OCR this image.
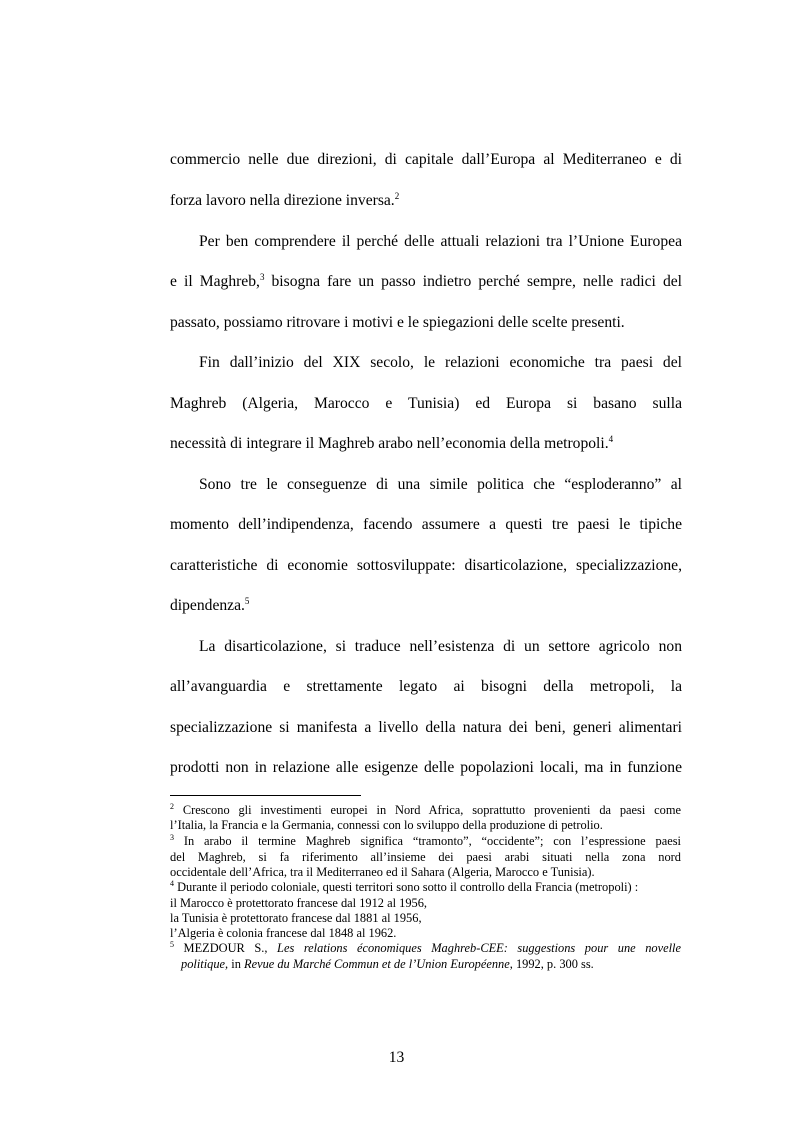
commercio nelle due direzioni, di capitale dall’Europa al Mediterraneo e di
forza lavoro nella direzione inversa.$^2$
Per ben comprendere il perché delle attuali relazioni tra l’Unione Europea
e il Maghreb,$^3$ bisogna fare un passo indietro perché sempre, nelle radici del
passato, possiamo ritrovare i motivi e le spiegazioni delle scelte presenti.
Fin dall’inizio del XIX secolo, le relazioni economiche tra paesi del
Maghreb (Algeria, Marocco e Tunisia) ed Europa si basano sulla
necessità di integrare il Maghreb arabo nell’economia della metropoli.$^4$
Sono tre le conseguenze di una simile politica che “esploderanno” al
momento dell’indipendenza, facendo assumere a questi tre paesi le tipiche
caratteristiche di economie sottosviluppate: disarticolazione, specializzazione,
dipendenza.$^5$
La disarticolazione, si traduce nell’esistenza di un settore agricolo non
all’avanguardia e strettamente legato ai bisogni della metropoli, la
specializzazione si manifesta a livello della natura dei beni, generi alimentari
prodotti non in relazione alle esigenze delle popolazioni locali, ma in funzione
$^2$ Crescono gli investimenti europei in Nord Africa, soprattutto provenienti da paesi come
l’Italia, la Francia e la Germania, connessi con lo sviluppo della produzione di petrolio.
$^3$ In arabo il termine Maghreb significa “tramonto”, “occidente”; con l’espressione paesi
del Maghreb, si fa riferimento all’insieme dei paesi arabi situati nella zona nord
occidentale dell’Africa, tra il Mediterraneo ed il Sahara (Algeria, Marocco e Tunisia).
$^4$ Durante il periodo coloniale, questi territori sono sotto il controllo della Francia (metropoli) :
il Marocco è protettorato francese dal 1912 al 1956,
la Tunisia è protettorato francese dal 1881 al 1956,
l’Algeria è colonia francese dal 1848 al 1962.
$^5$ MEZDOUR S., Les relations économiques Maghreb-CEE: suggestions pour une novelle
politique, in Revue du Marché Commun et de l’Union Européenne, 1992, p. 300 ss.
13
